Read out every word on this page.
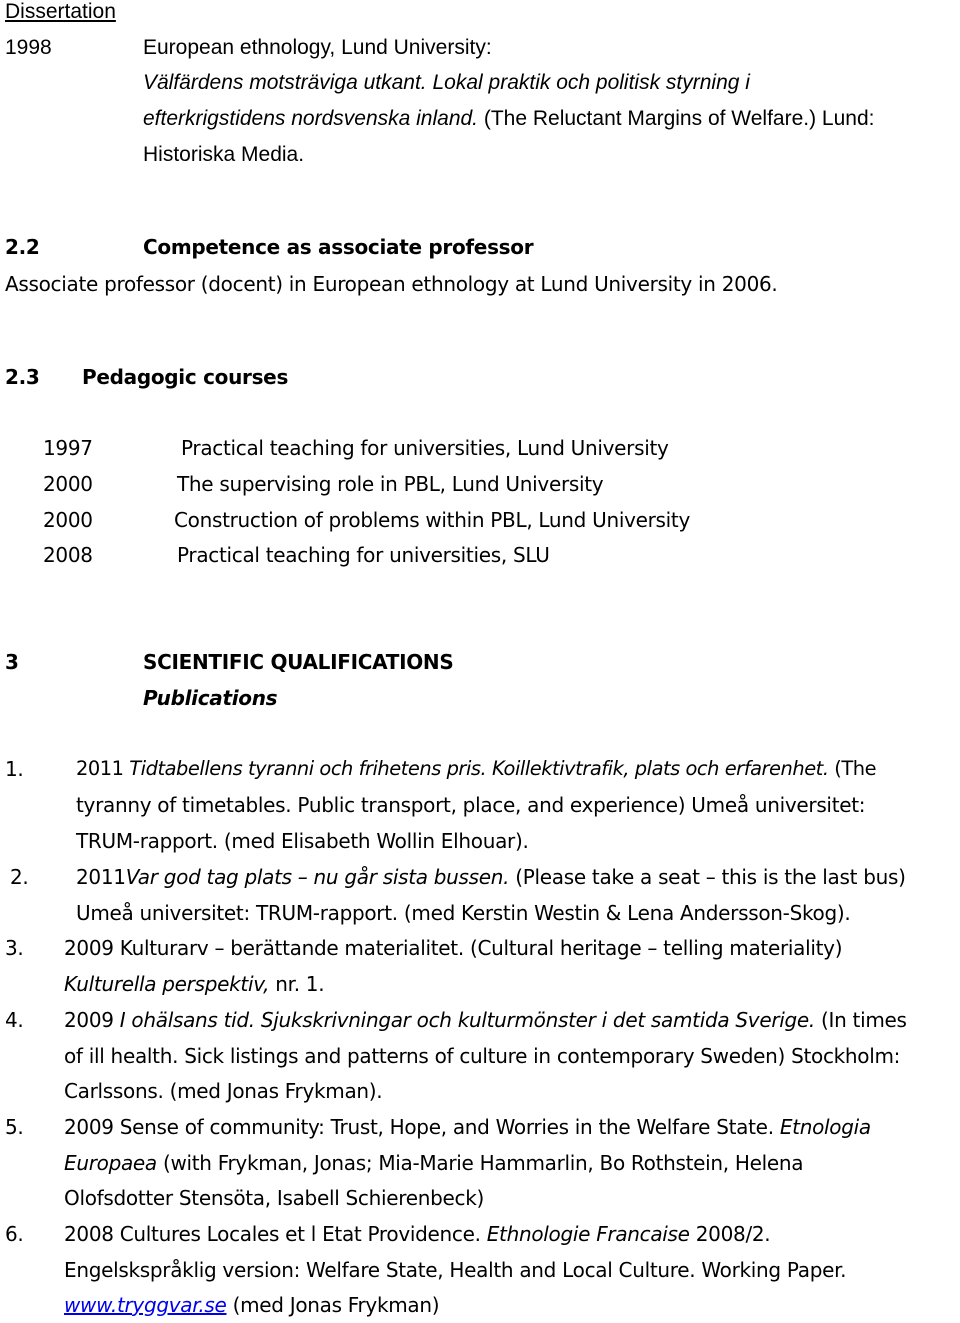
Dissertation
1998	European ethnology, Lund University:
Välfärdens motsträviga utkant. Lokal praktik och politisk styrning i
efterkrigstidens nordsvenska inland. (The Reluctant Margins of Welfare.) Lund:
Historiska Media.
2.2	Competence as associate professor
Associate professor (docent) in European ethnology at Lund University in 2006.
2.3 Pedagogic courses
1997	Practical teaching for universities, Lund University
2000	The supervising role in PBL, Lund University
2000	Construction of problems within PBL, Lund University
2008	Practical teaching for universities, SLU
3	SCIENTIFIC QUALIFICATIONS
Publications
1.	2011 Tidtabellens tyranni och frihetens pris. Koillektivtrafik, plats och erfarenhet. (The
tyranny of timetables. Public transport, place, and experience) Umeå universitet:
TRUM-rapport. (med Elisabeth Wollin Elhouar).
2. 2011Var god tag plats – nu går sista bussen. (Please take a seat – this is the last bus)
Umeå universitet: TRUM-rapport. (med Kerstin Westin & Lena Andersson-Skog).
3. 2009 Kulturarv – berättande materialitet. (Cultural heritage – telling materiality)
Kulturella perspektiv, nr. 1.
4. 2009 I ohälsans tid. Sjukskrivningar och kulturmönster i det samtida Sverige. (In times
of ill health. Sick listings and patterns of culture in contemporary Sweden) Stockholm:
Carlssons. (med Jonas Frykman).
5. 2009 Sense of community: Trust, Hope, and Worries in the Welfare State. Etnologia
Europaea (with Frykman, Jonas; Mia-Marie Hammarlin, Bo Rothstein, Helena
Olofsdotter Stensöta, Isabell Schierenbeck)
6. 2008 Cultures Locales et l Etat Providence. Ethnologie Francaise 2008/2.
Engelskspråklig version: Welfare State, Health and Local Culture. Working Paper.
www.tryggvar.se (med Jonas Frykman)
